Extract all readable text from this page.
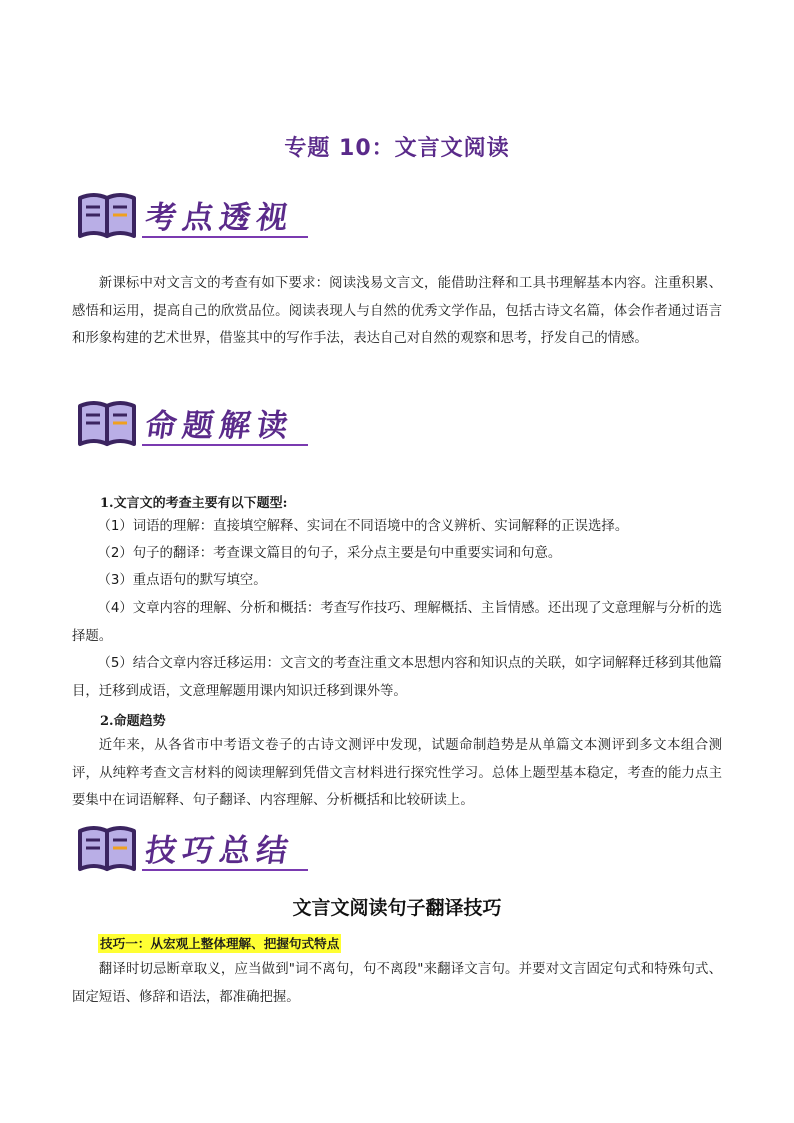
专题 10：文言文阅读
考点透视

新课标中对文言文的考查有如下要求：阅读浅易文言文，能借助注释和工具书理解基本内容。注重积累、感悟和运用，提高自己的欣赏品位。阅读表现人与自然的优秀文学作品，包括古诗文名篇，体会作者通过语言和形象构建的艺术世界，借鉴其中的写作手法，表达自己对自然的观察和思考，抒发自己的情感。

命题解读

1.文言文的考查主要有以下题型:

（1）词语的理解：直接填空解释、实词在不同语境中的含义辨析、实词解释的正误选择。

（2）句子的翻译：考查课文篇目的句子，采分点主要是句中重要实词和句意。

（3）重点语句的默写填空。

（4）文章内容的理解、分析和概括：考查写作技巧、理解概括、主旨情感。还出现了文意理解与分析的选择题。

（5）结合文章内容迁移运用：文言文的考查注重文本思想内容和知识点的关联，如字词解释迁移到其他篇目，迁移到成语，文意理解题用课内知识迁移到课外等。

2.命题趋势

近年来，从各省市中考语文卷子的古诗文测评中发现，试题命制趋势是从单篇文本测评到多文本组合测评，从纯粹考查文言材料的阅读理解到凭借文言材料进行探究性学习。总体上题型基本稳定，考查的能力点主要集中在词语解释、句子翻译、内容理解、分析概括和比较研读上。

技巧总结
文言文阅读句子翻译技巧
技巧一：从宏观上整体理解、把握句式特点

翻译时切忌断章取义，应当做到"词不离句，句不离段"来翻译文言句。并要对文言固定句式和特殊句式、固定短语、修辞和语法，都准确把握。
